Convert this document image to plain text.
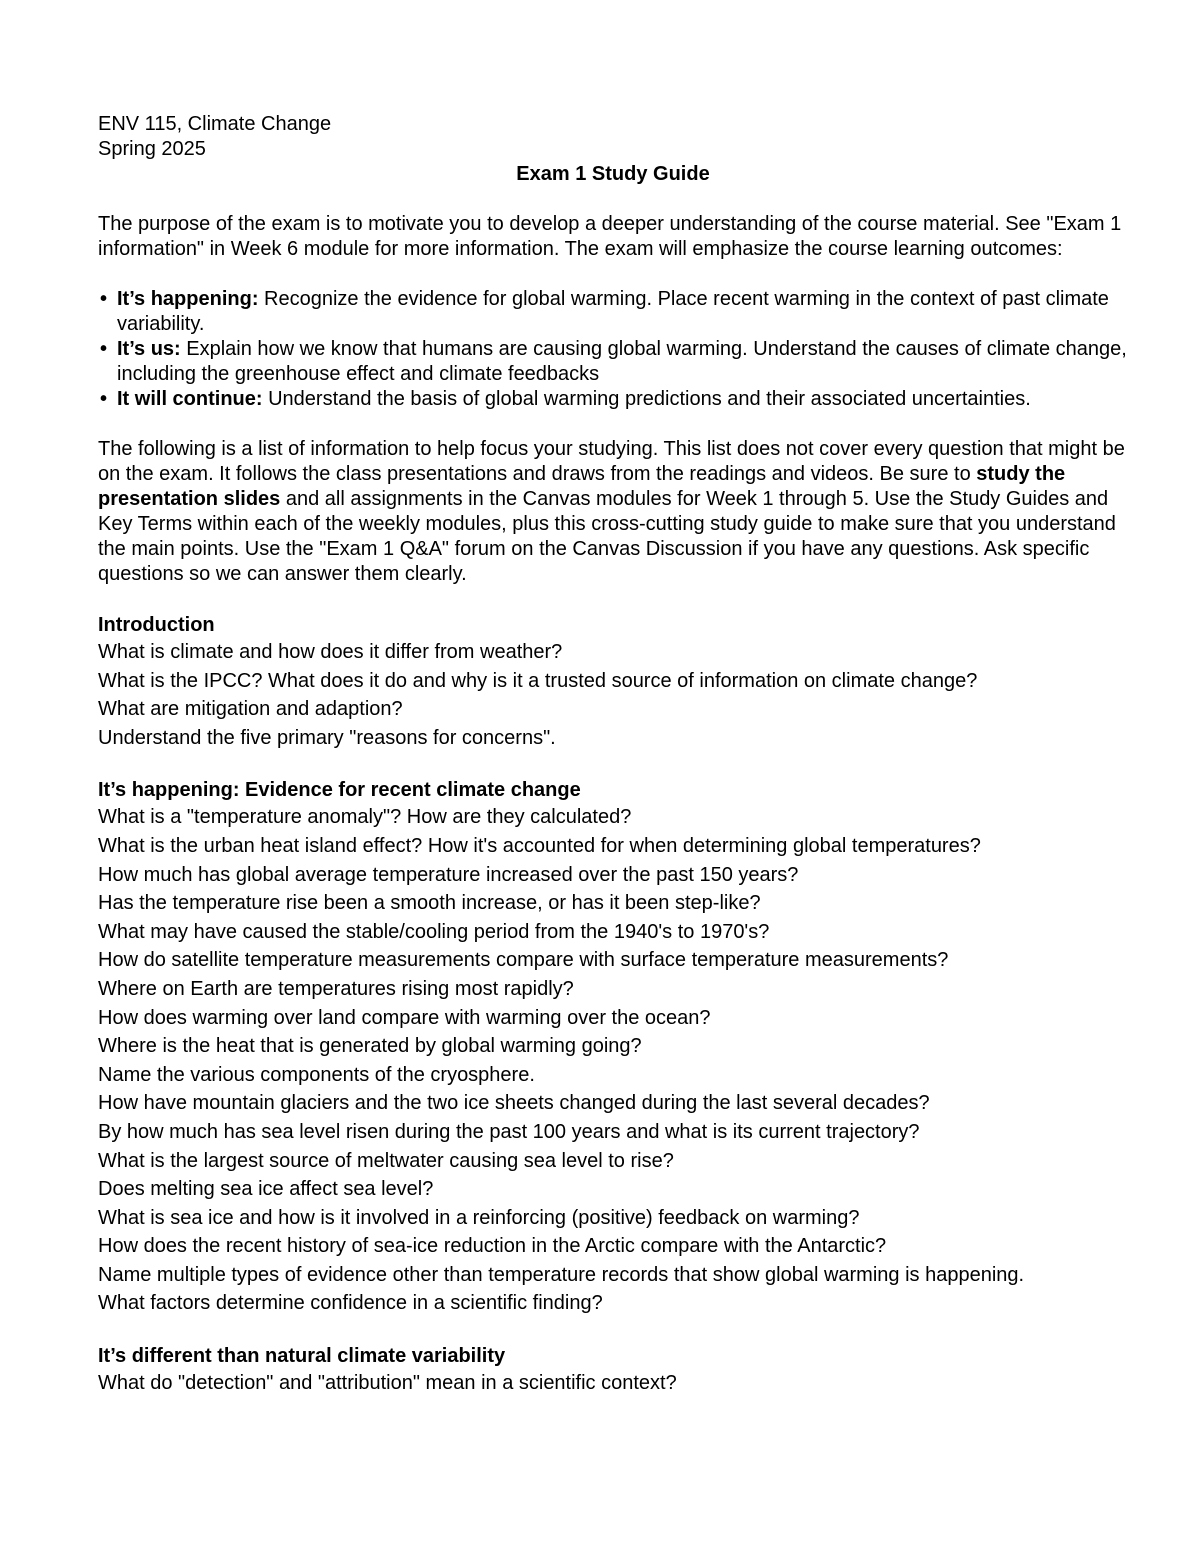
ENV 115, Climate Change

Spring 2025

Exam 1 Study Guide

The purpose of the exam is to motivate you to develop a deeper understanding of the course material. See "Exam 1 information" in Week 6 module for more information. The exam will emphasize the course learning outcomes:

• It’s happening: Recognize the evidence for global warming. Place recent warming in the context of past climate variability.
• It’s us: Explain how we know that humans are causing global warming. Understand the causes of climate change, including the greenhouse effect and climate feedbacks
• It will continue: Understand the basis of global warming predictions and their associated uncertainties.

The following is a list of information to help focus your studying. This list does not cover every question that might be on the exam. It follows the class presentations and draws from the readings and videos. Be sure to study the presentation slides and all assignments in the Canvas modules for Week 1 through 5. Use the Study Guides and Key Terms within each of the weekly modules, plus this cross-cutting study guide to make sure that you understand the main points. Use the "Exam 1 Q&A" forum on the Canvas Discussion if you have any questions. Ask specific questions so we can answer them clearly.

Introduction

What is climate and how does it differ from weather?
What is the IPCC? What does it do and why is it a trusted source of information on climate change?
What are mitigation and adaption?
Understand the five primary "reasons for concerns".

It’s happening: Evidence for recent climate change

What is a "temperature anomaly"? How are they calculated?
What is the urban heat island effect? How it's accounted for when determining global temperatures?
How much has global average temperature increased over the past 150 years?
Has the temperature rise been a smooth increase, or has it been step-like?
What may have caused the stable/cooling period from the 1940's to 1970's?
How do satellite temperature measurements compare with surface temperature measurements?
Where on Earth are temperatures rising most rapidly?
How does warming over land compare with warming over the ocean?
Where is the heat that is generated by global warming going?
Name the various components of the cryosphere.
How have mountain glaciers and the two ice sheets changed during the last several decades?
By how much has sea level risen during the past 100 years and what is its current trajectory?
What is the largest source of meltwater causing sea level to rise?
Does melting sea ice affect sea level?
What is sea ice and how is it involved in a reinforcing (positive) feedback on warming?
How does the recent history of sea-ice reduction in the Arctic compare with the Antarctic?
Name multiple types of evidence other than temperature records that show global warming is happening.
What factors determine confidence in a scientific finding?

It’s different than natural climate variability

What do "detection" and "attribution" mean in a scientific context?
